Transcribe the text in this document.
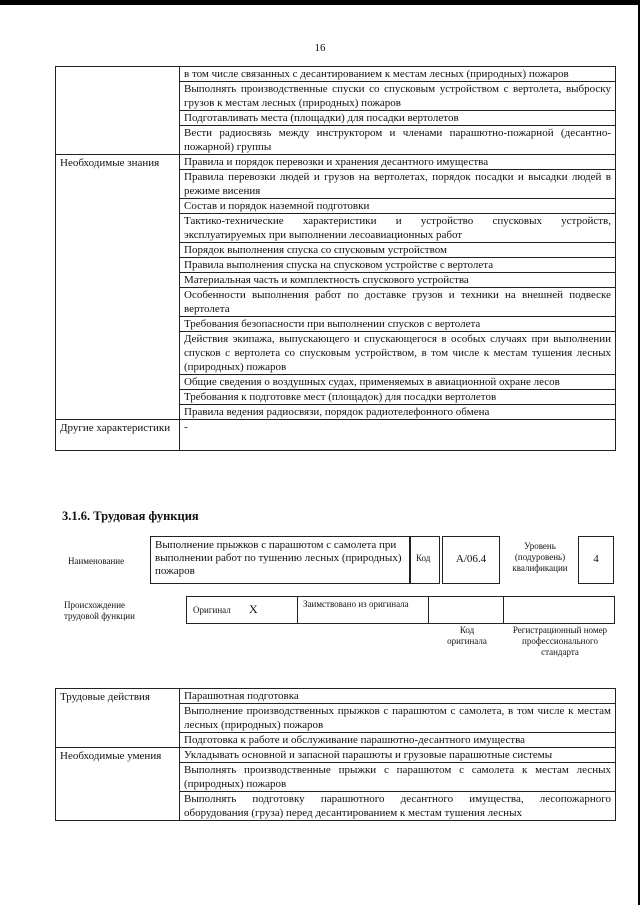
16
	в том числе связанных с десантированием к местам лесных (природных) пожаров
	Выполнять производственные спуски со спусковым устройством с вертолета, выброску грузов к местам лесных (природных) пожаров
	Подготавливать места (площадки) для посадки вертолетов
	Вести радиосвязь между инструктором и членами парашютно-пожарной (десантно-пожарной) группы
Необходимые знания	Правила и порядок перевозки и хранения десантного имущества
	Правила перевозки людей и грузов на вертолетах, порядок посадки и высадки людей в режиме висения
	Состав и порядок наземной подготовки
	Тактико-технические характеристики и устройство спусковых устройств, эксплуатируемых при выполнении лесоавиационных работ
	Порядок выполнения спуска со спусковым устройством
	Правила выполнения спуска на спусковом устройстве с вертолета
	Материальная часть и комплектность спускового устройства
	Особенности выполнения работ по доставке грузов и техники на внешней подвеске вертолета
	Требования безопасности при выполнении спусков с вертолета
	Действия экипажа, выпускающего и спускающегося в особых случаях при выполнении спусков с вертолета со спусковым устройством, в том числе к местам тушения лесных (природных) пожаров
	Общие сведения о воздушных судах, применяемых в авиационной охране лесов
	Требования к подготовке мест (площадок) для посадки вертолетов
	Правила ведения радиосвязи, порядок радиотелефонного обмена
Другие характеристики	-
3.1.6. Трудовая функция
Наименование
Выполнение прыжков с парашютом с самолета при выполнении работ по тушению лесных (природных) пожаров
Код	А/06.4
Уровень (подуровень) квалификации
4
Происхождение трудовой функции
Оригинал Х	Заимствовано из оригинала
Код оригинала
Регистрационный номер профессионального стандарта
Трудовые действия	Парашютная подготовка
	Выполнение производственных прыжков с парашютом с самолета, в том числе к местам лесных (природных) пожаров
	Подготовка к работе и обслуживание парашютно-десантного имущества
Необходимые умения	Укладывать основной и запасной парашюты и грузовые парашютные системы
	Выполнять производственные прыжки с парашютом с самолета к местам лесных (природных) пожаров
	Выполнять подготовку парашютного десантного имущества, лесопожарного оборудования (груза) перед десантированием к местам тушения лесных
